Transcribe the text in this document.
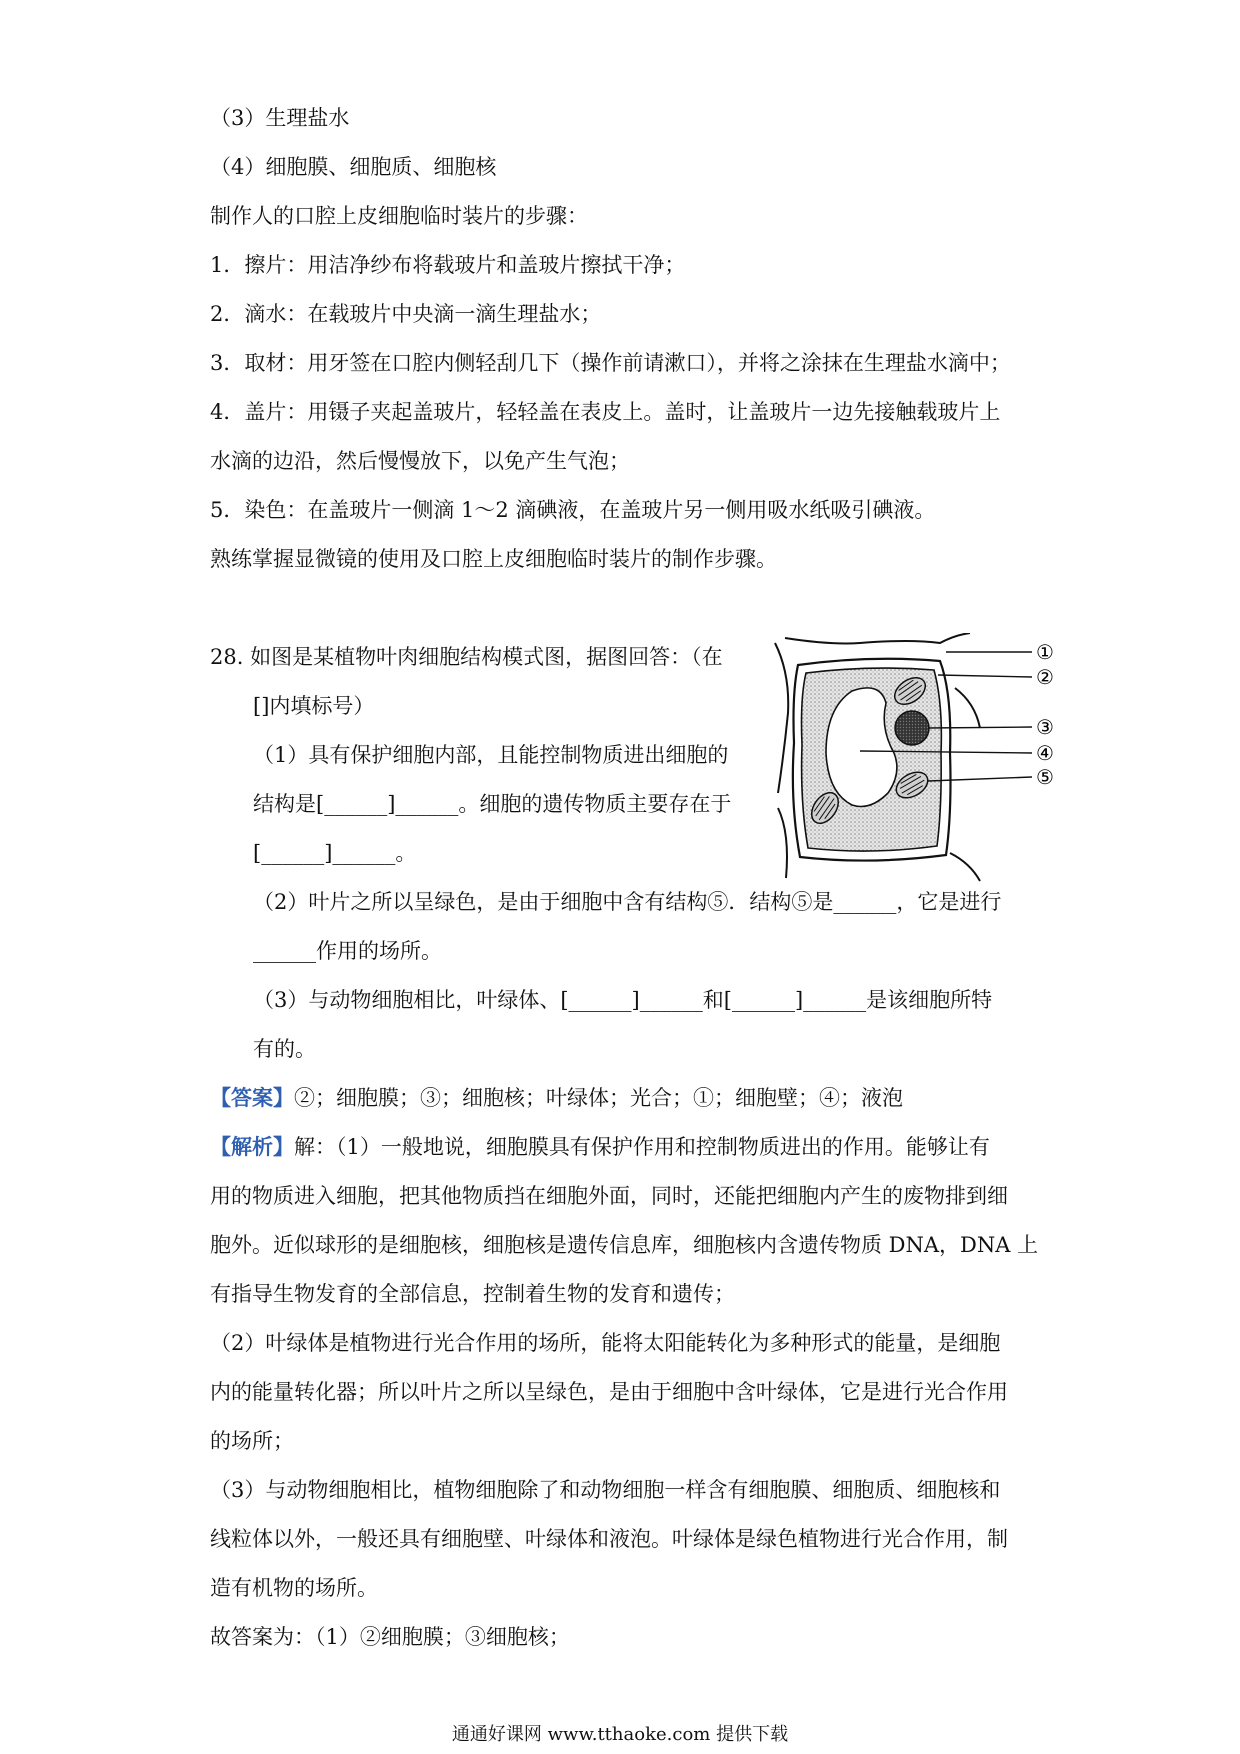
（3）生理盐水
（4）细胞膜、细胞质、细胞核
制作人的口腔上皮细胞临时装片的步骤：
1．擦片：用洁净纱布将载玻片和盖玻片擦拭干净；
2．滴水：在载玻片中央滴一滴生理盐水；
3．取材：用牙签在口腔内侧轻刮几下（操作前请漱口），并将之涂抹在生理盐水滴中；
4．盖片：用镊子夹起盖玻片，轻轻盖在表皮上。盖时，让盖玻片一边先接触载玻片上
水滴的边沿，然后慢慢放下，以免产生气泡；
5．染色：在盖玻片一侧滴 1～2 滴碘液，在盖玻片另一侧用吸水纸吸引碘液。
熟练掌握显微镜的使用及口腔上皮细胞临时装片的制作步骤。
28. 如图是某植物叶肉细胞结构模式图，据图回答：（在
[]内填标号）
（1）具有保护细胞内部，且能控制物质进出细胞的
结构是[______]______。细胞的遗传物质主要存在于
[______]______。
（2）叶片之所以呈绿色，是由于细胞中含有结构⑤．结构⑤是______，它是进行
______作用的场所。
（3）与动物细胞相比，叶绿体、[______]______和[______]______是该细胞所特
有的。
【答案】②；细胞膜；③；细胞核；叶绿体；光合；①；细胞壁；④；液泡
【解析】解：（1）一般地说，细胞膜具有保护作用和控制物质进出的作用。能够让有
用的物质进入细胞，把其他物质挡在细胞外面，同时，还能把细胞内产生的废物排到细
胞外。近似球形的是细胞核，细胞核是遗传信息库，细胞核内含遗传物质 DNA，DNA 上
有指导生物发育的全部信息，控制着生物的发育和遗传；
（2）叶绿体是植物进行光合作用的场所，能将太阳能转化为多种形式的能量，是细胞
内的能量转化器；所以叶片之所以呈绿色，是由于细胞中含叶绿体，它是进行光合作用
的场所；
（3）与动物细胞相比，植物细胞除了和动物细胞一样含有细胞膜、细胞质、细胞核和
线粒体以外，一般还具有细胞壁、叶绿体和液泡。叶绿体是绿色植物进行光合作用，制
造有机物的场所。
故答案为：（1）②细胞膜；③细胞核；
①
②
③
④
⑤
通通好课网 www.tthaoke.com 提供下载
